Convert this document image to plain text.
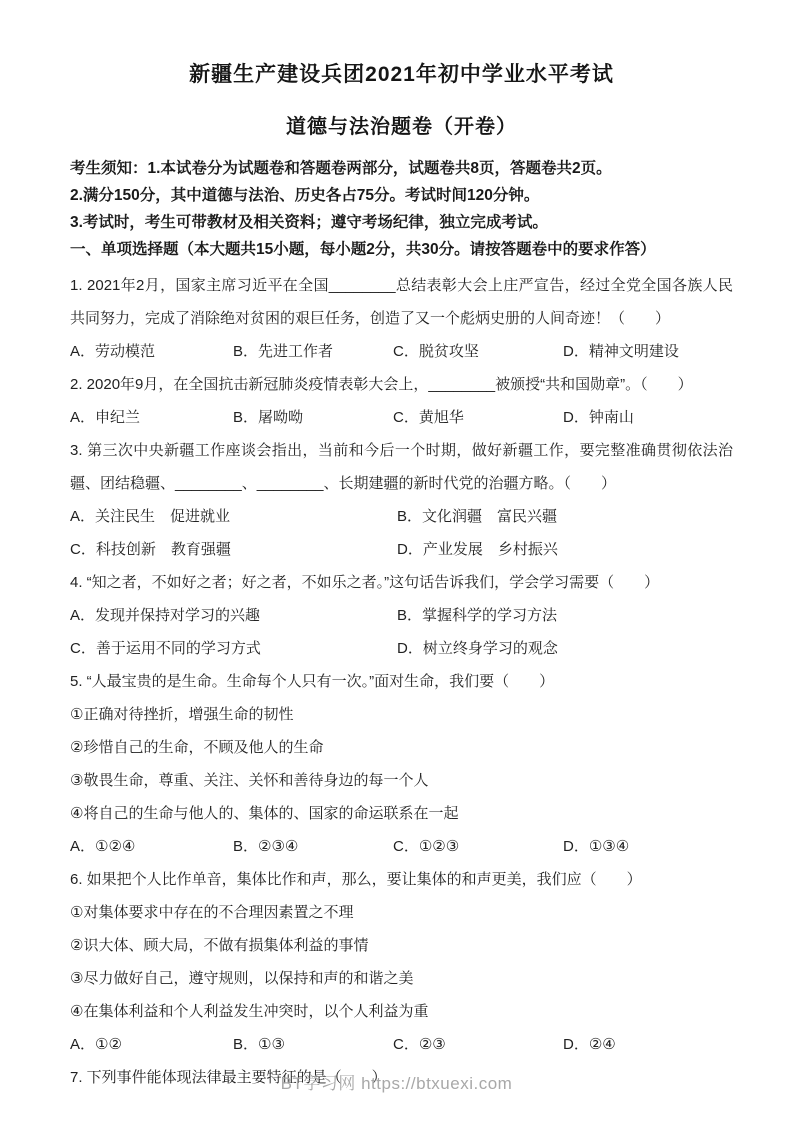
新疆生产建设兵团2021年初中学业水平考试
道德与法治题卷（开卷）

考生须知：1.本试卷分为试题卷和答题卷两部分，试题卷共8页，答题卷共2页。

2.满分150分，其中道德与法治、历史各占75分。考试时间120分钟。

3.考试时，考生可带教材及相关资料；遵守考场纪律，独立完成考试。

一、单项选择题（本大题共15小题，每小题2分，共30分。请按答题卷中的要求作答）

1. 2021年2月，国家主席习近平在全国________总结表彰大会上庄严宣告，经过全党全国各族人民共同努力，完成了消除绝对贫困的艰巨任务，创造了又一个彪炳史册的人间奇迹！（　　）

A．劳动模范	B．先进工作者	C．脱贫攻坚	D．精神文明建设

2. 2020年9月，在全国抗击新冠肺炎疫情表彰大会上，________被颁授“共和国勋章”。（　　）

A．申纪兰	B．屠呦呦	C．黄旭华	D．钟南山

3. 第三次中央新疆工作座谈会指出，当前和今后一个时期，做好新疆工作，要完整准确贯彻依法治疆、团结稳疆、________、________、长期建疆的新时代党的治疆方略。（　　）

A．关注民生　促进就业	B．文化润疆　富民兴疆
C．科技创新　教育强疆	D．产业发展　乡村振兴

4. “知之者，不如好之者；好之者，不如乐之者。”这句话告诉我们，学会学习需要（　　）

A．发现并保持对学习的兴趣	B．掌握科学的学习方法
C．善于运用不同的学习方式	D．树立终身学习的观念

5. “人最宝贵的是生命。生命每个人只有一次。”面对生命，我们要（　　）

①正确对待挫折，增强生命的韧性

②珍惜自己的生命，不顾及他人的生命

③敬畏生命，尊重、关注、关怀和善待身边的每一个人

④将自己的生命与他人的、集体的、国家的命运联系在一起

A．①②④	B．②③④	C．①②③	D．①③④

6. 如果把个人比作单音，集体比作和声，那么，要让集体的和声更美，我们应（　　）

①对集体要求中存在的不合理因素置之不理

②识大体、顾大局，不做有损集体利益的事情

③尽力做好自己，遵守规则，以保持和声的和谐之美

④在集体利益和个人利益发生冲突时，以个人利益为重

A．①②	B．①③	C．②③	D．②④

7. 下列事件能体现法律最主要特征的是（　　）

BT学习网 https://btxuexi.com
